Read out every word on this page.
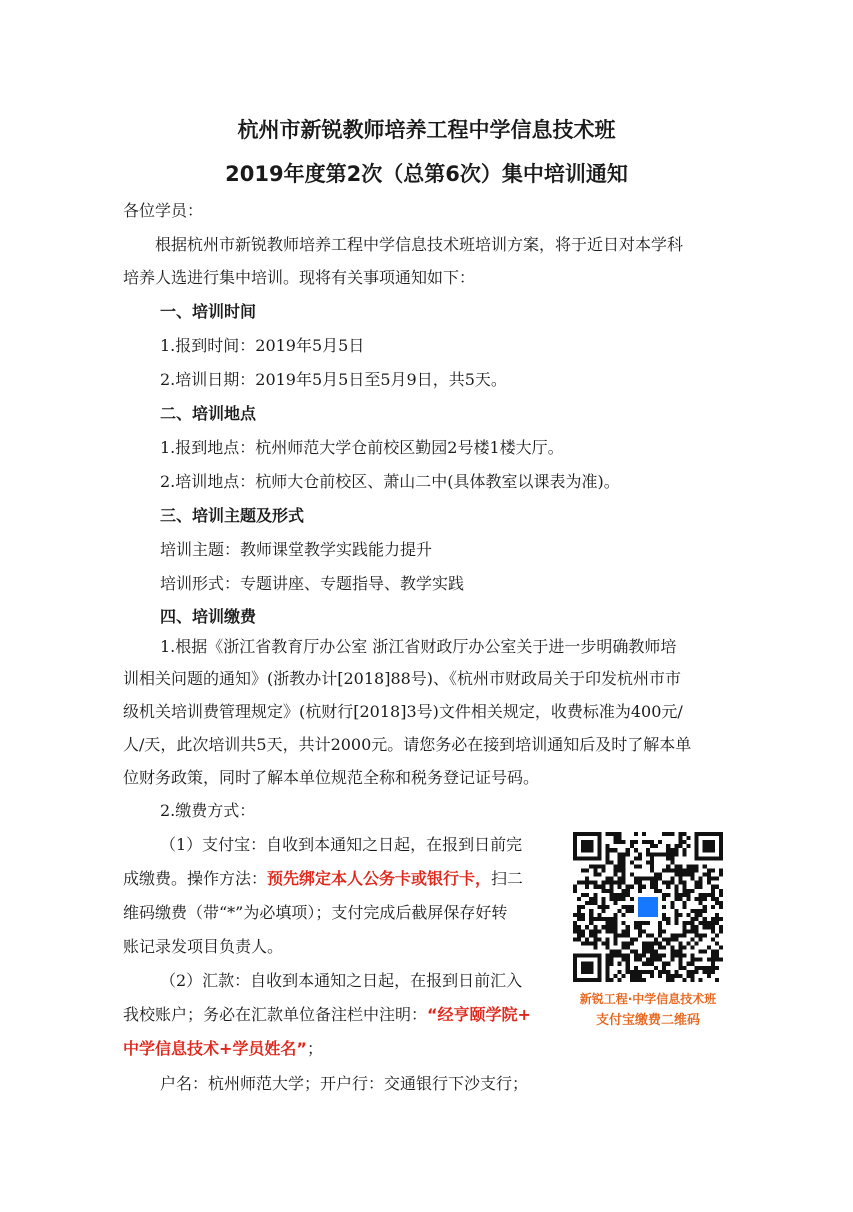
杭州市新锐教师培养工程中学信息技术班
2019年度第2次（总第6次）集中培训通知
各位学员：
根据杭州市新锐教师培养工程中学信息技术班培训方案，将于近日对本学科
培养人选进行集中培训。现将有关事项通知如下：
一、培训时间
1.报到时间：2019年5月5日
2.培训日期：2019年5月5日至5月9日，共5天。
二、培训地点
1.报到地点：杭州师范大学仓前校区勤园2号楼1楼大厅。
2.培训地点：杭师大仓前校区、萧山二中(具体教室以课表为准)。
三、培训主题及形式
培训主题：教师课堂教学实践能力提升
培训形式：专题讲座、专题指导、教学实践
四、培训缴费
1.根据《浙江省教育厅办公室 浙江省财政厅办公室关于进一步明确教师培
训相关问题的通知》(浙教办计[2018]88号)、《杭州市财政局关于印发杭州市市
级机关培训费管理规定》(杭财行[2018]3号)文件相关规定，收费标准为400元/
人/天，此次培训共5天，共计2000元。请您务必在接到培训通知后及时了解本单
位财务政策，同时了解本单位规范全称和税务登记证号码。
2.缴费方式：
（1）支付宝：自收到本通知之日起，在报到日前完
成缴费。操作方法：预先绑定本人公务卡或银行卡，扫二
维码缴费（带“*”为必填项）；支付完成后截屏保存好转
账记录发项目负责人。
（2）汇款：自收到本通知之日起，在报到日前汇入
我校账户；务必在汇款单位备注栏中注明：“经亨颐学院+
中学信息技术+学员姓名”；
户名：杭州师范大学；开户行：交通银行下沙支行；
新锐工程·中学信息技术班
支付宝缴费二维码
